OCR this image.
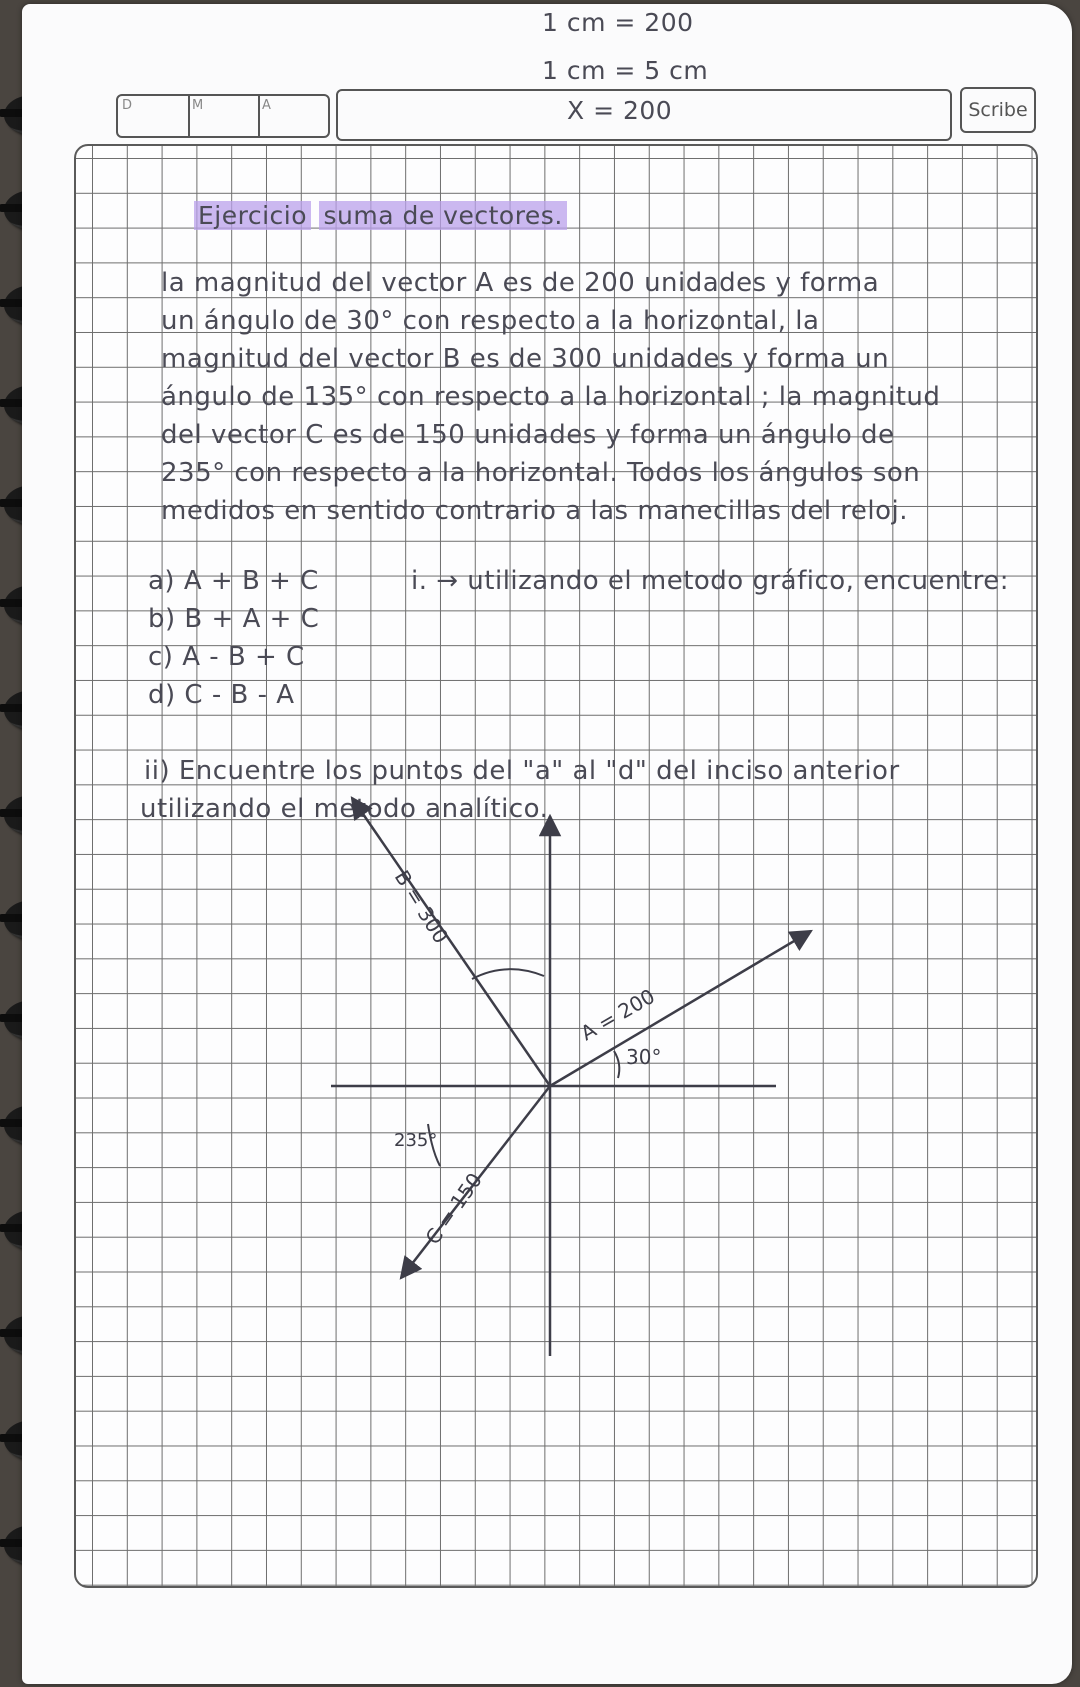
1 cm = 200
1 cm = 5 cm
X = 200
D	M	A	Scribe
Ejercicio suma de vectores.
la magnitud del vector A es de 200 unidades y forma
un ángulo de 30° con respecto a la horizontal, la
magnitud del vector B es de 300 unidades y forma un
ángulo de 135° con respecto a la horizontal ; la magnitud
del vector C es de 150 unidades y forma un ángulo de
235° con respecto a la horizontal. Todos los ángulos son
medidos en sentido contrario a las manecillas del reloj.
i. → utilizando el metodo gráfico, encuentre:
a) A + B + C
b) B + A + C
c) A - B + C
d) C - B - A
ii) Encuentre los puntos del "a" al "d" del inciso anterior
utilizando el metodo analítico.
B = 300
A = 200
30°
235°
C = 150
